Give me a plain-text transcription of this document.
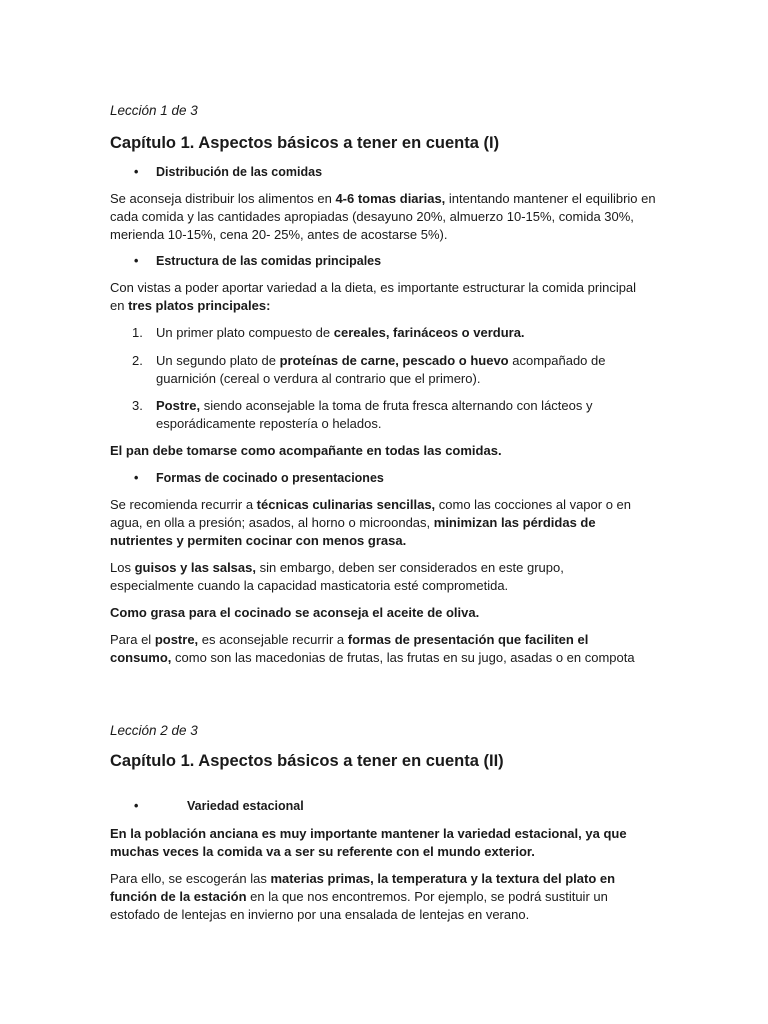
Lección 1 de 3

Capítulo 1. Aspectos básicos a tener en cuenta (I)
•	Distribución de las comidas

Se aconseja distribuir los alimentos en 4-6 tomas diarias, intentando mantener el equilibrio en cada comida y las cantidades apropiadas (desayuno 20%, almuerzo 10-15%, comida 30%, merienda 10-15%, cena 20- 25%, antes de acostarse 5%).

•	Estructura de las comidas principales

Con vistas a poder aportar variedad a la dieta, es importante estructurar la comida principal en tres platos principales:

1. Un primer plato compuesto de cereales, farináceos o verdura.
2. Un segundo plato de proteínas de carne, pescado o huevo acompañado de guarnición (cereal o verdura al contrario que el primero).
3. Postre, siendo aconsejable la toma de fruta fresca alternando con lácteos y esporádicamente repostería o helados.

El pan debe tomarse como acompañante en todas las comidas.

•	Formas de cocinado o presentaciones

Se recomienda recurrir a técnicas culinarias sencillas, como las cocciones al vapor o en agua, en olla a presión; asados, al horno o microondas, minimizan las pérdidas de nutrientes y permiten cocinar con menos grasa.

Los guisos y las salsas, sin embargo, deben ser considerados en este grupo, especialmente cuando la capacidad masticatoria esté comprometida.

Como grasa para el cocinado se aconseja el aceite de oliva.

Para el postre, es aconsejable recurrir a formas de presentación que faciliten el consumo, como son las macedonias de frutas, las frutas en su jugo, asadas o en compota

Lección 2 de 3

Capítulo 1. Aspectos básicos a tener en cuenta (II)
•	Variedad estacional

En la población anciana es muy importante mantener la variedad estacional, ya que muchas veces la comida va a ser su referente con el mundo exterior.

Para ello, se escogerán las materias primas, la temperatura y la textura del plato en función de la estación en la que nos encontremos. Por ejemplo, se podrá sustituir un estofado de lentejas en invierno por una ensalada de lentejas en verano.
